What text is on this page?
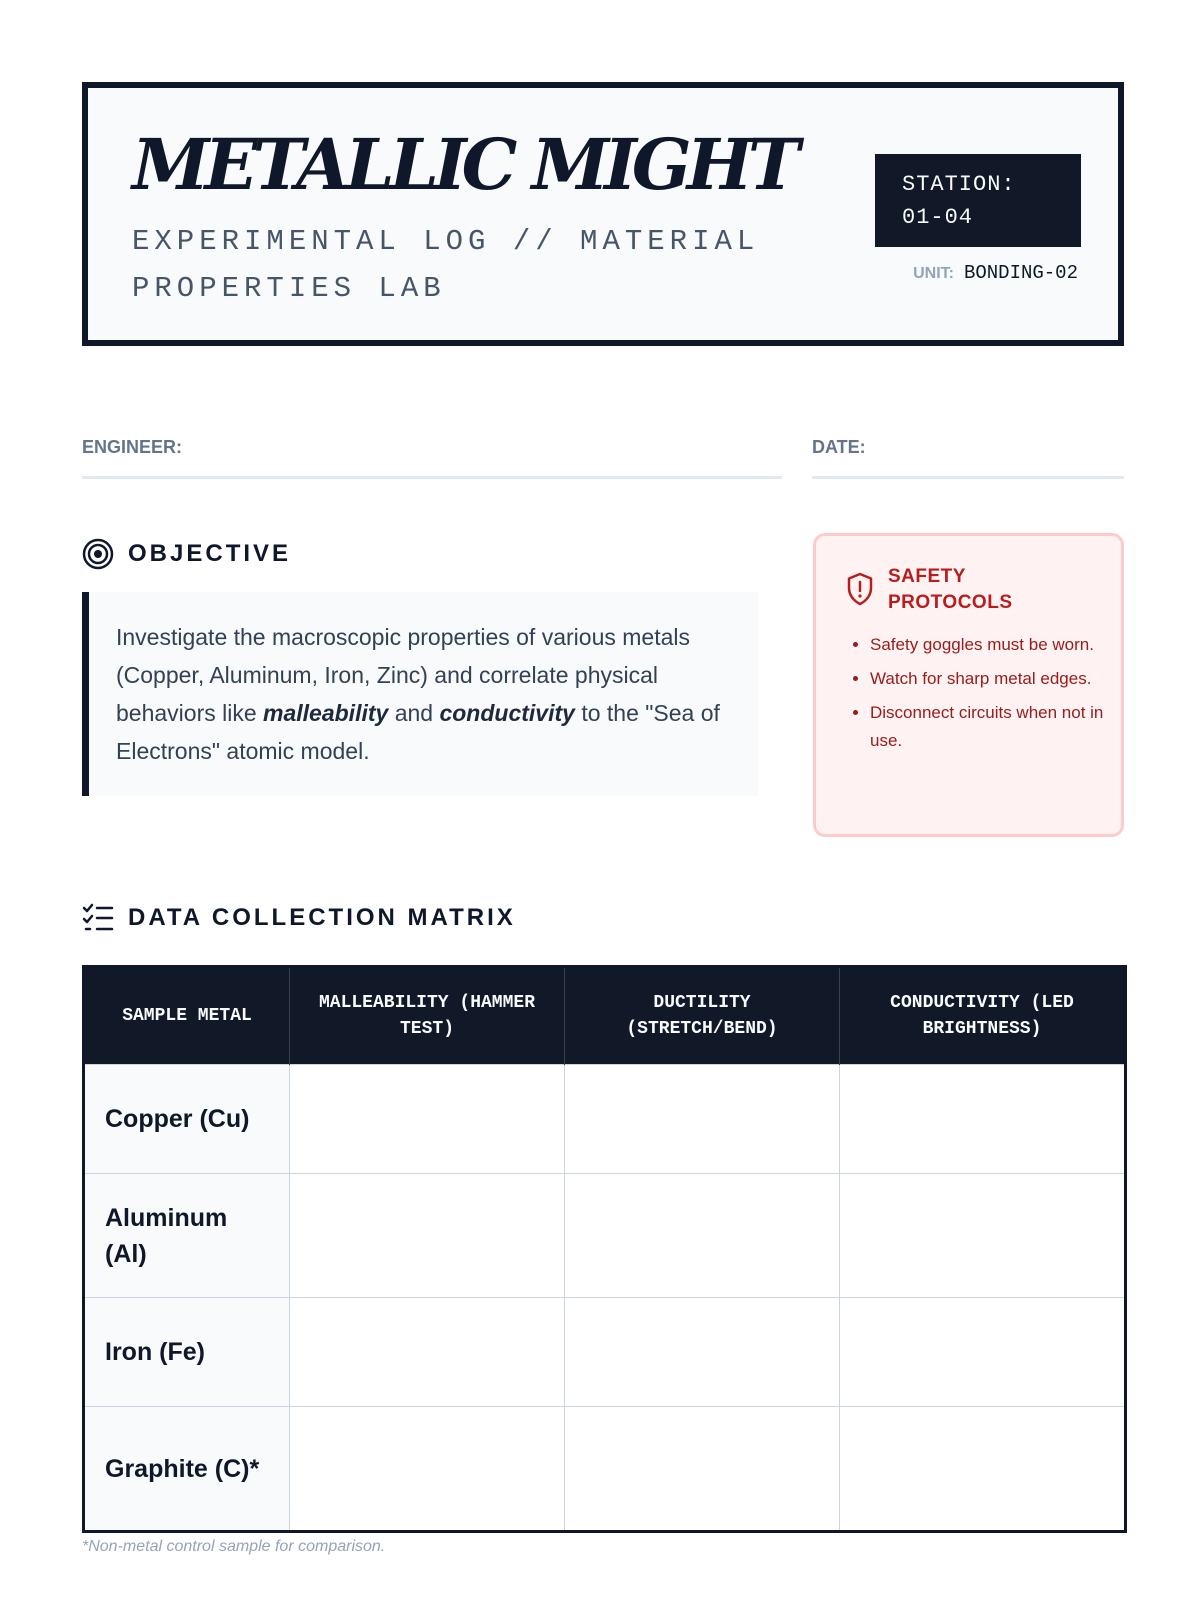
METALLIC MIGHT
EXPERIMENTAL LOG // MATERIAL PROPERTIES LAB
STATION:
01-04
UNIT: BONDING-02
ENGINEER:	DATE:
OBJECTIVE
Investigate the macroscopic properties of various metals (Copper, Aluminum, Iron, Zinc) and correlate physical behaviors like malleability and conductivity to the "Sea of Electrons" atomic model.
SAFETY PROTOCOLS
• Safety goggles must be worn.
• Watch for sharp metal edges.
• Disconnect circuits when not in use.
DATA COLLECTION MATRIX
SAMPLE METAL	MALLEABILITY (HAMMER TEST)	DUCTILITY (STRETCH/BEND)	CONDUCTIVITY (LED BRIGHTNESS)
Copper (Cu)			
Aluminum (Al)			
Iron (Fe)			
Graphite (C)*			
*Non-metal control sample for comparison.
